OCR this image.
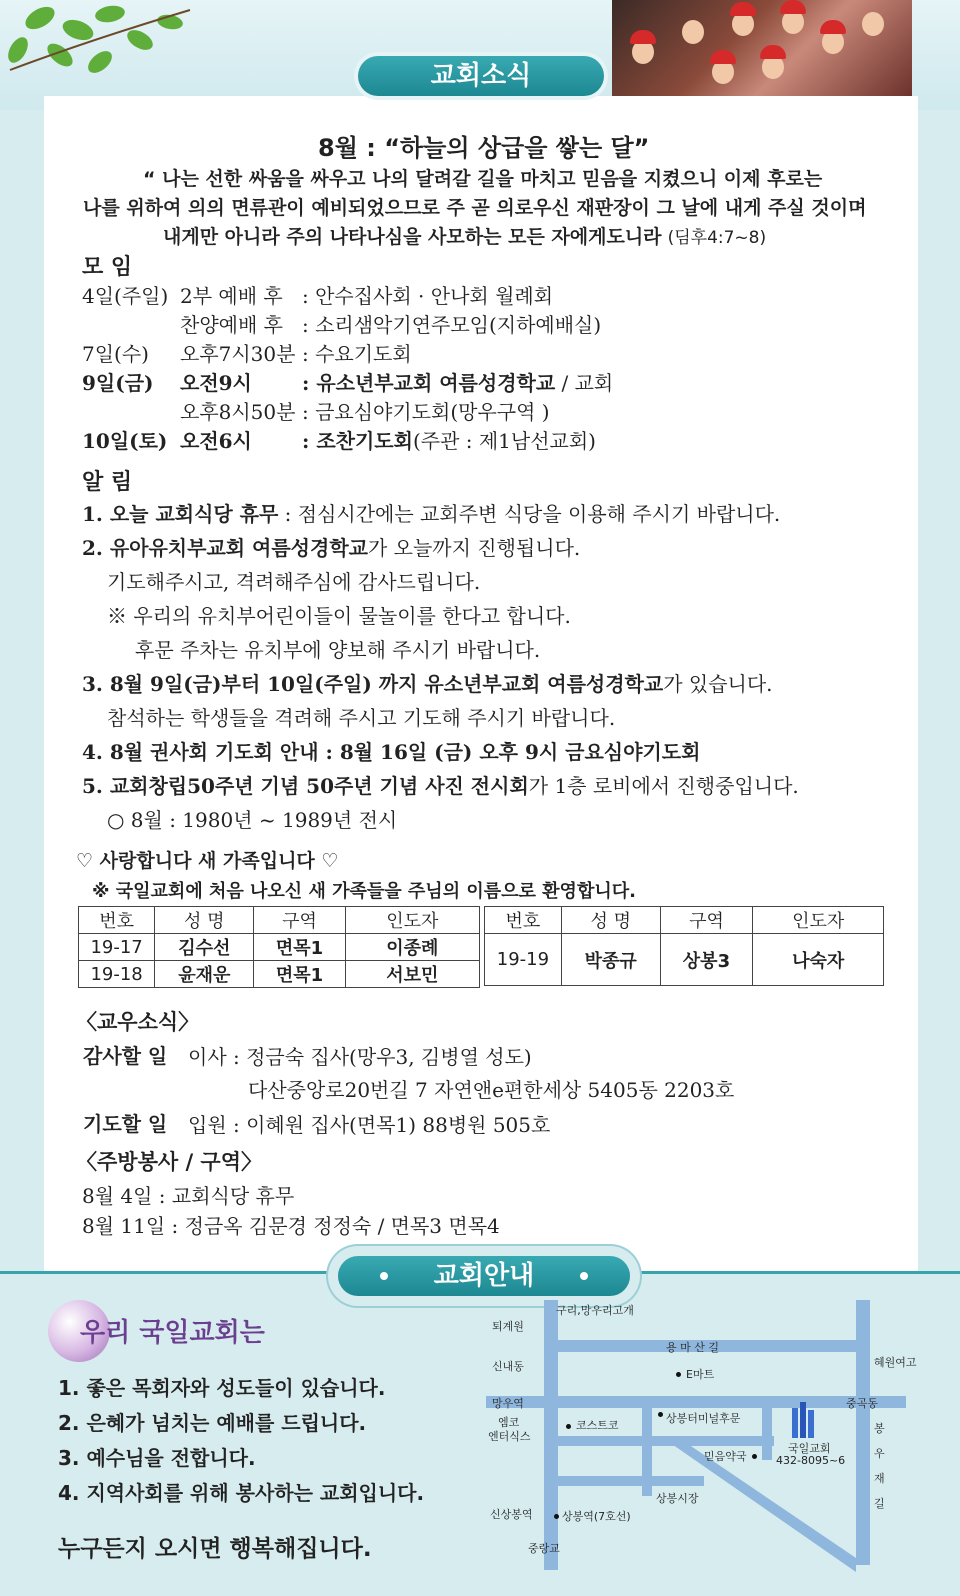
교회소식
8월 : “하늘의 상급을 쌓는 달”
“ 나는 선한 싸움을 싸우고 나의 달려갈 길을 마치고 믿음을 지켰으니 이제 후로는
나를 위하여 의의 면류관이 예비되었으므로 주 곧 의로우신 재판장이 그 날에 내게 주실 것이며
내게만 아니라 주의 나타나심을 사모하는 모든 자에게도니라 (딤후4:7~8)
모 임
4일(주일) 2부 예배 후 : 안수집사회 · 안나회 월례회
찬양예배 후 : 소리샘악기연주모임(지하예배실)
7일(수) 오후7시30분 : 수요기도회
9일(금) 오전9시	: 유소년부교회 여름성경학교 / 교회
오후8시50분 : 금요심야기도회(망우구역 )
10일(토) 오전6시	: 조찬기도회(주관 : 제1남선교회)
알 림
1. 오늘 교회식당 휴무 : 점심시간에는 교회주변 식당을 이용해 주시기 바랍니다.
2. 유아유치부교회 여름성경학교가 오늘까지 진행됩니다.
기도해주시고, 격려해주심에 감사드립니다.
※ 우리의 유치부어린이들이 물놀이를 한다고 합니다.
후문 주차는 유치부에 양보해 주시기 바랍니다.
3. 8월 9일(금)부터 10일(주일) 까지 유소년부교회 여름성경학교가 있습니다.
참석하는 학생들을 격려해 주시고 기도해 주시기 바랍니다.
4. 8월 권사회 기도회 안내 : 8월 16일 (금) 오후 9시 금요심야기도회
5. 교회창립50주년 기념 50주년 기념 사진 전시회가 1층 로비에서 진행중입니다.
○ 8월 : 1980년 ~ 1989년 전시
♡ 사랑합니다 새 가족입니다 ♡
※ 국일교회에 처음 나오신 새 가족들을 주님의 이름으로 환영합니다.
번호	성 명	구역	인도자
19-17	김수선	면목1	이종례
19-18	윤재운	면목1	서보민
번호	성 명	구역	인도자
19-19	박종규	상봉3	나숙자
〈교우소식〉
감사할 일 이사 : 정금숙 집사(망우3, 김병열 성도)
다산중앙로20번길 7 자연앤e편한세상 5405동 2203호
기도할 일 입원 : 이혜원 집사(면목1) 88병원 505호
〈주방봉사 / 구역〉
8월 4일 : 교회식당 휴무
8월 11일 : 정금옥 김문경 정정숙 / 면목3 면목4
교회안내
우리 국일교회는
1. 좋은 목회자와 성도들이 있습니다.
2. 은혜가 넘치는 예배를 드립니다.
3. 예수님을 전합니다.
4. 지역사회를 위해 봉사하는 교회입니다.
누구든지 오시면 행복해집니다.
구리,망우리고개
퇴계원
용 마 산 길
신내동
E마트
혜원여고
망우역	중곡동
엠코
엔터식스
코스트코
상봉터미널후문
봉
우
재
길
국일교회
432-8095~6
믿음약국
상봉시장
신상봉역	상봉역(7호선)
중랑교
